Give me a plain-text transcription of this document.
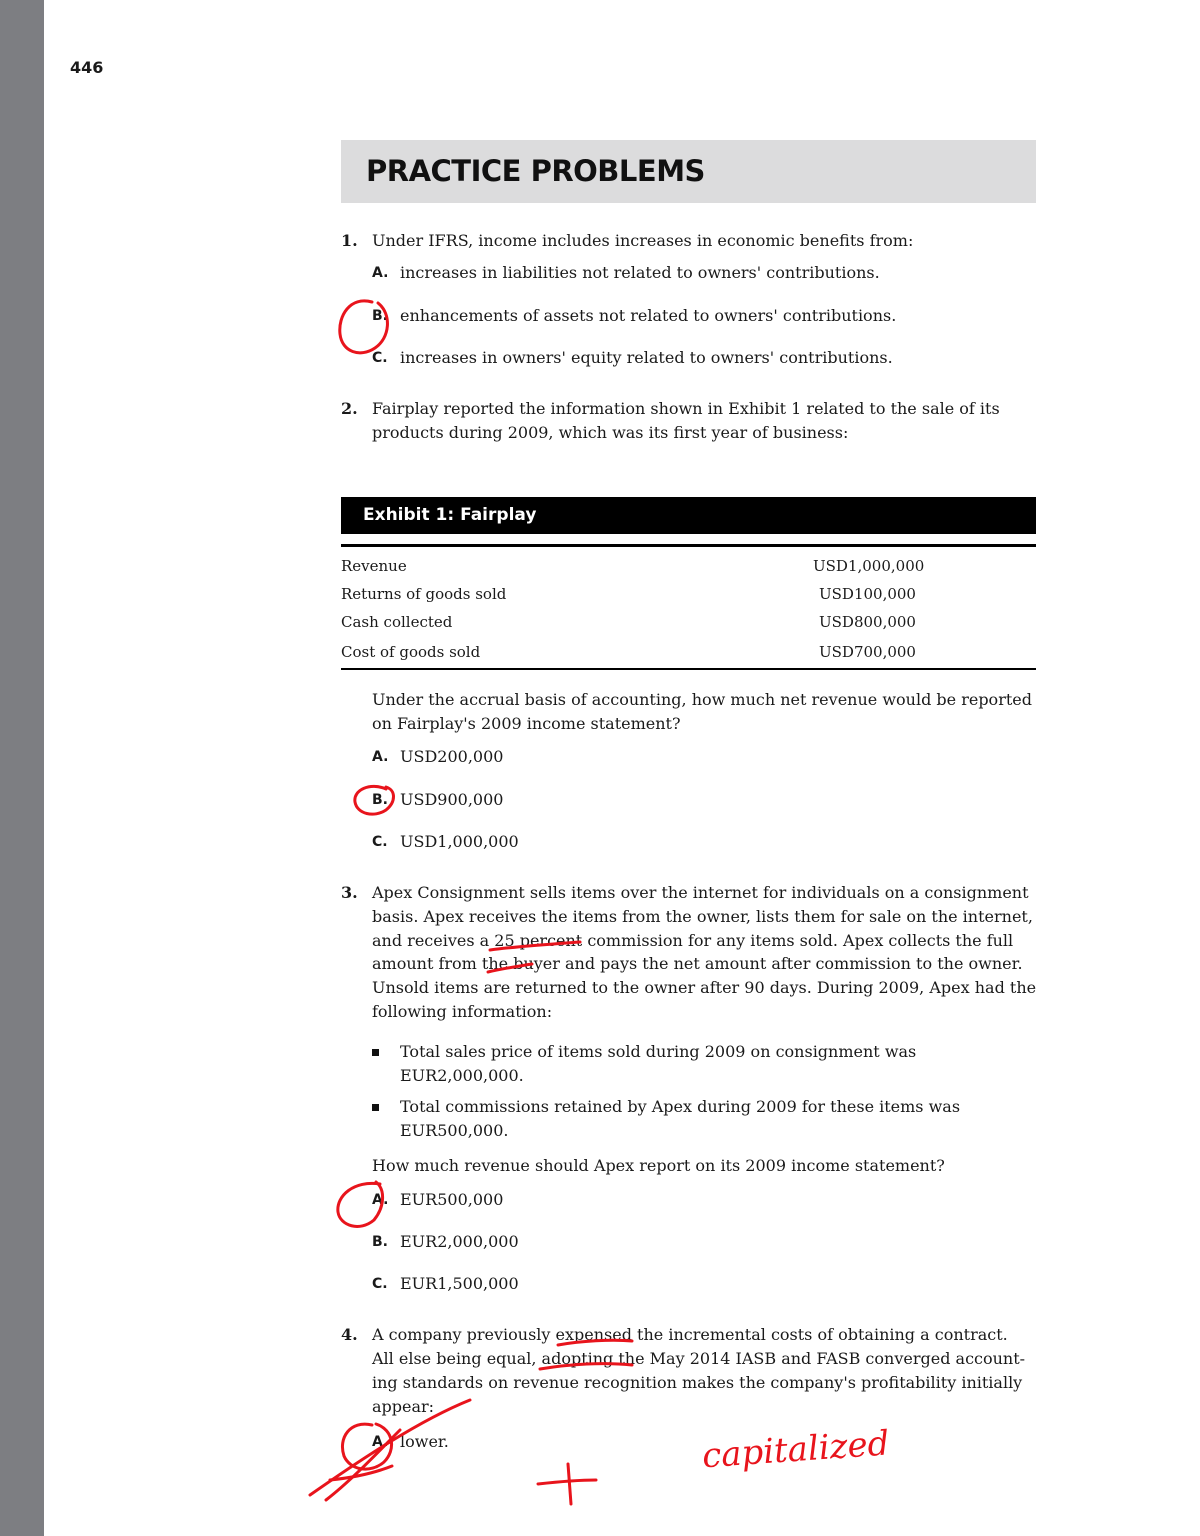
446
PRACTICE PROBLEMS
1. Under IFRS, income includes increases in economic benefits from:
A. increases in liabilities not related to owners' contributions.
B. enhancements of assets not related to owners' contributions.
C. increases in owners' equity related to owners' contributions.
2. Fairplay reported the information shown in Exhibit 1 related to the sale of its
products during 2009, which was its first year of business:
Exhibit 1: Fairplay
Revenue	USD1,000,000
Returns of goods sold	USD100,000
Cash collected	USD800,000
Cost of goods sold	USD700,000
Under the accrual basis of accounting, how much net revenue would be reported
on Fairplay's 2009 income statement?
A. USD200,000
B. USD900,000
C. USD1,000,000
3. Apex Consignment sells items over the internet for individuals on a consignment
basis. Apex receives the items from the owner, lists them for sale on the internet,
and receives a 25 percent commission for any items sold. Apex collects the full
amount from the buyer and pays the net amount after commission to the owner.
Unsold items are returned to the owner after 90 days. During 2009, Apex had the
following information:
Total sales price of items sold during 2009 on consignment was
EUR2,000,000.
Total commissions retained by Apex during 2009 for these items was
EUR500,000.
How much revenue should Apex report on its 2009 income statement?
A. EUR500,000
B. EUR2,000,000
C. EUR1,500,000
4. A company previously expensed the incremental costs of obtaining a contract.
All else being equal, adopting the May 2014 IASB and FASB converged account-
ing standards on revenue recognition makes the company's profitability initially
appear:
A. lower.	capitalized
